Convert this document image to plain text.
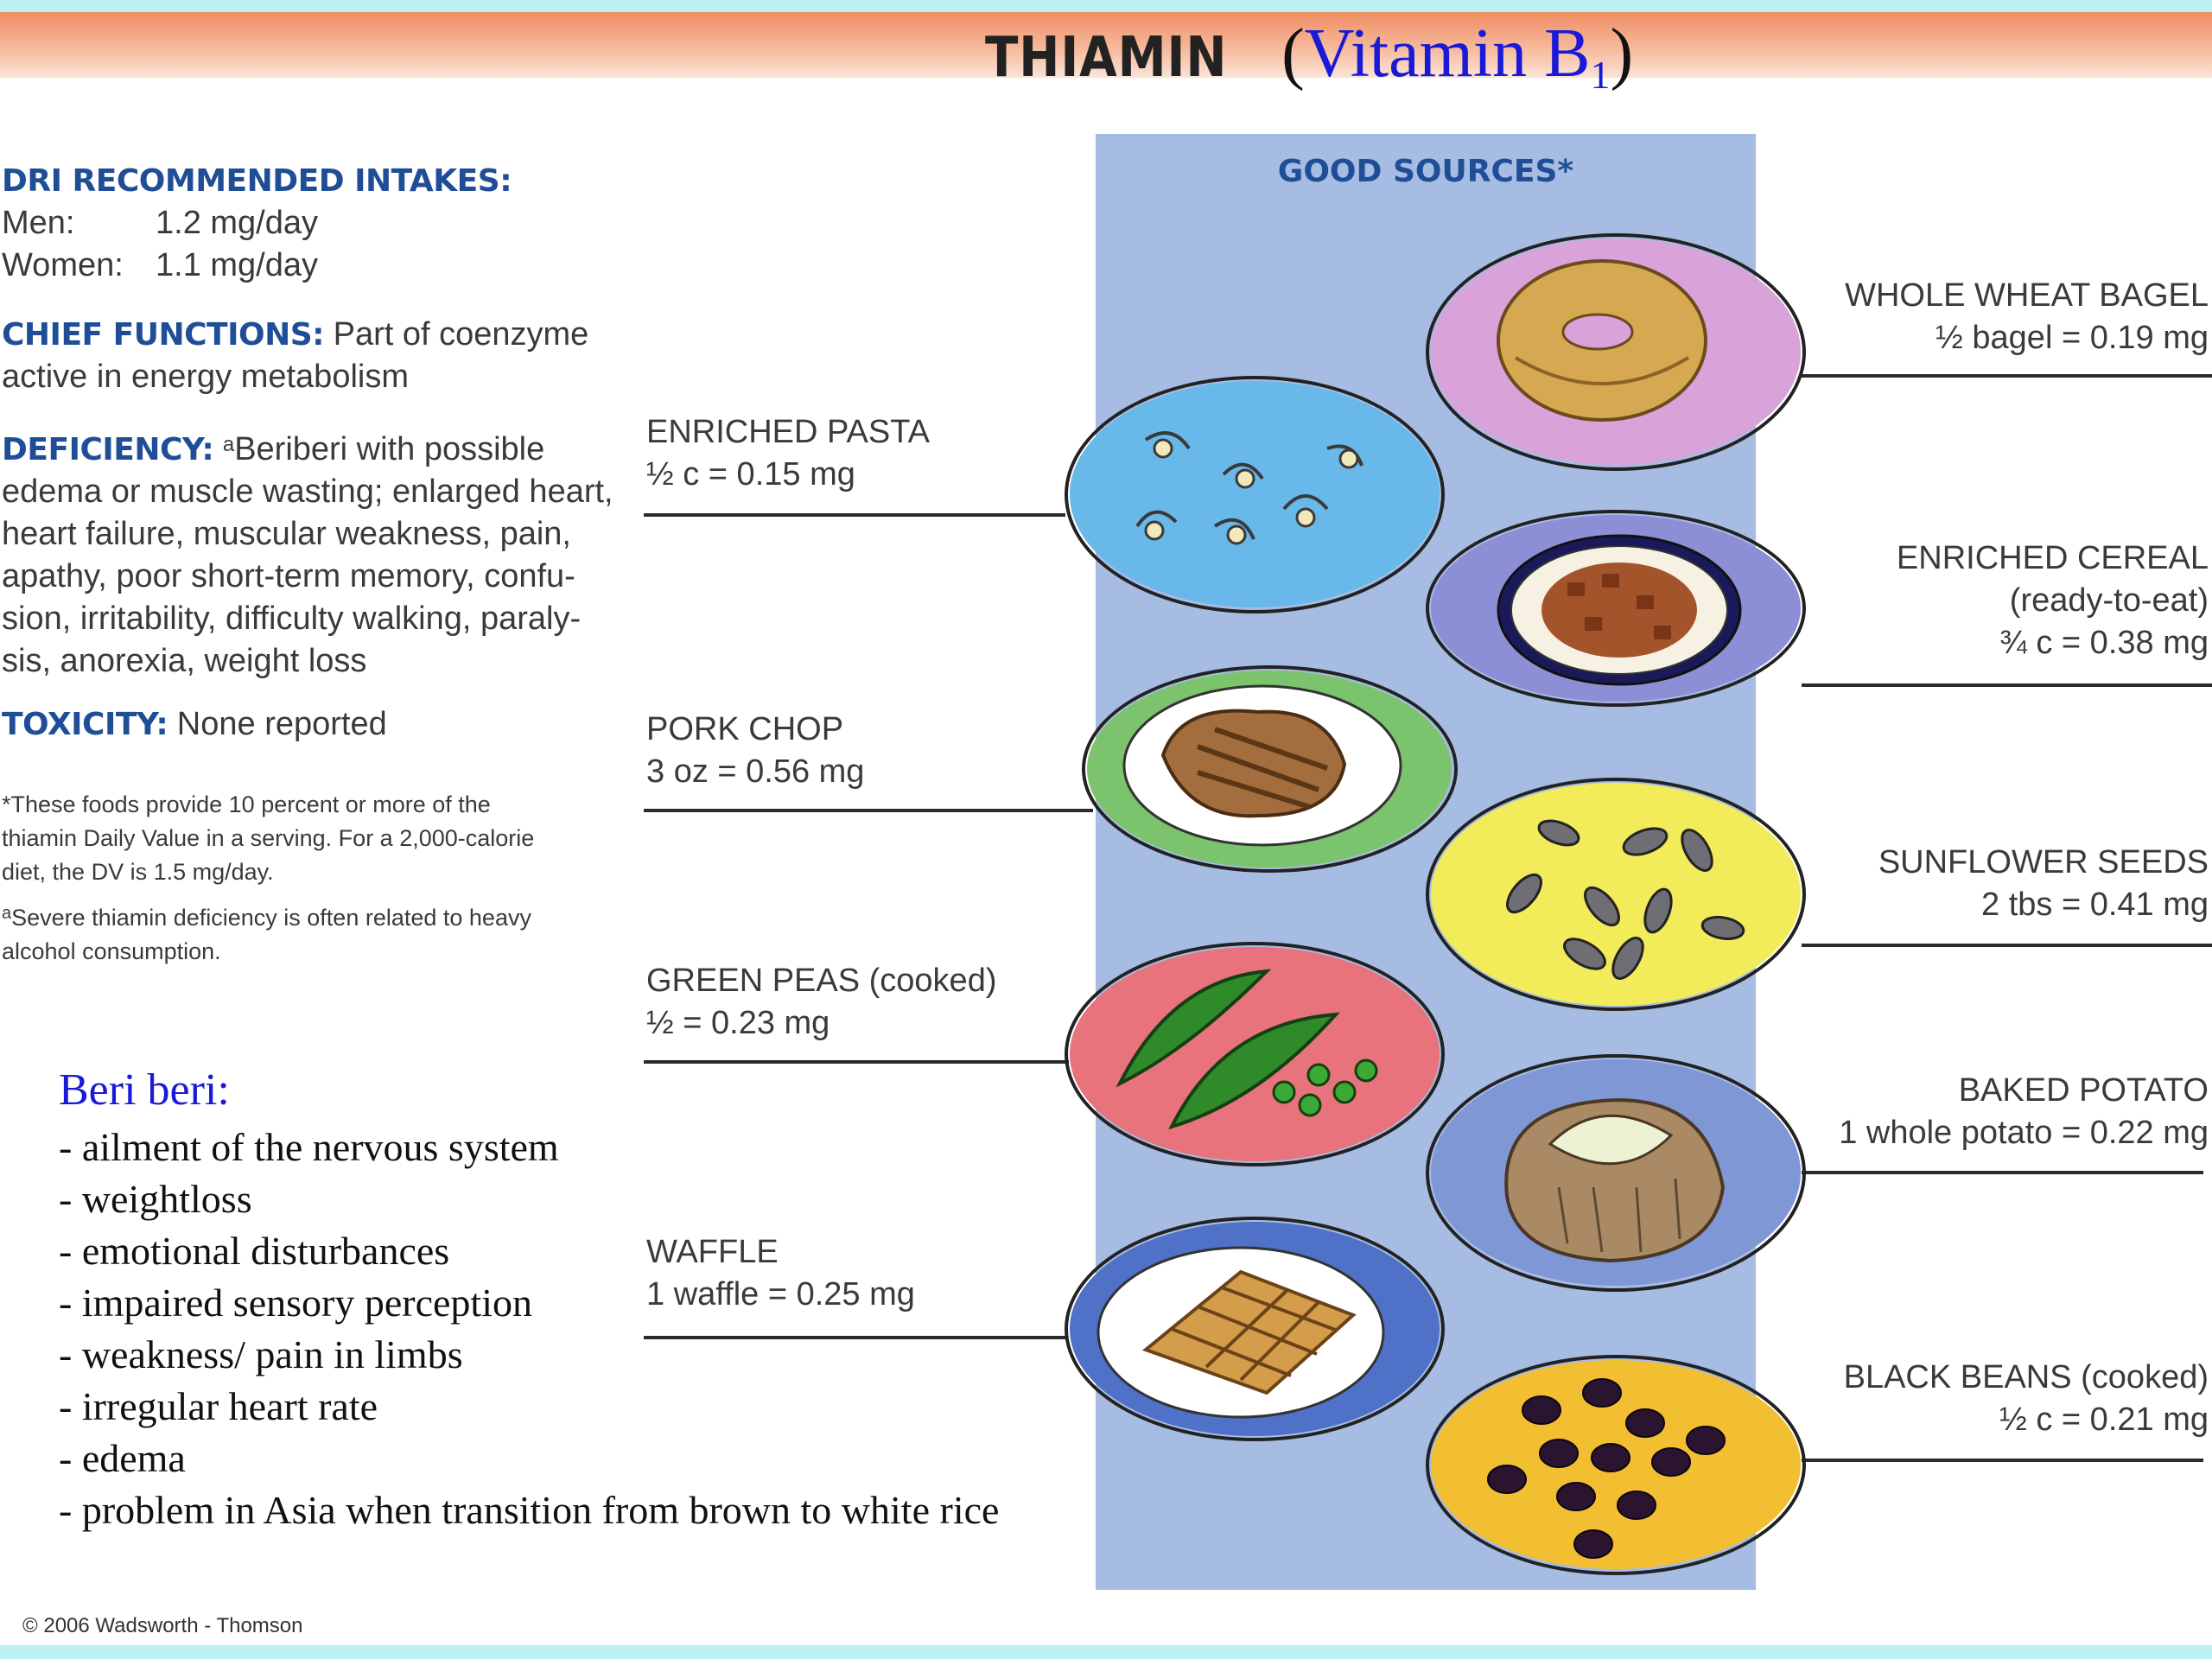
THIAMIN (Vitamin $B_1$)
DRI RECOMMENDED INTAKES:
Men: 1.2 mg/day
Women: 1.1 mg/day
CHIEF FUNCTIONS: Part of coenzyme
active in energy metabolism
DEFICIENCY: $^a$Beriberi with possible
edema or muscle wasting; enlarged heart,
heart failure, muscular weakness, pain,
apathy, poor short-term memory, confu-
sion, irritability, difficulty walking, paraly-
sis, anorexia, weight loss
TOXICITY: None reported
*These foods provide 10 percent or more of the
thiamin Daily Value in a serving. For a 2,000-calorie
diet, the DV is 1.5 mg/day.
$^a$Severe thiamin deficiency is often related to heavy
alcohol consumption.
Beri beri:
- ailment of the nervous system
- weightloss
- emotional disturbances
- impaired sensory perception
- weakness/ pain in limbs
- irregular heart rate
- edema
- problem in Asia when transition from brown to white rice
GOOD SOURCES*
WHOLE WHEAT BAGEL
½ bagel = 0.19 mg
ENRICHED PASTA
½ c = 0.15 mg
ENRICHED CEREAL
(ready-to-eat)
¾ c = 0.38 mg
PORK CHOP
3 oz = 0.56 mg
SUNFLOWER SEEDS
2 tbs = 0.41 mg
GREEN PEAS (cooked)
½ = 0.23 mg
BAKED POTATO
1 whole potato = 0.22 mg
WAFFLE
1 waffle = 0.25 mg
BLACK BEANS (cooked)
½ c = 0.21 mg
© 2006 Wadsworth - Thomson
